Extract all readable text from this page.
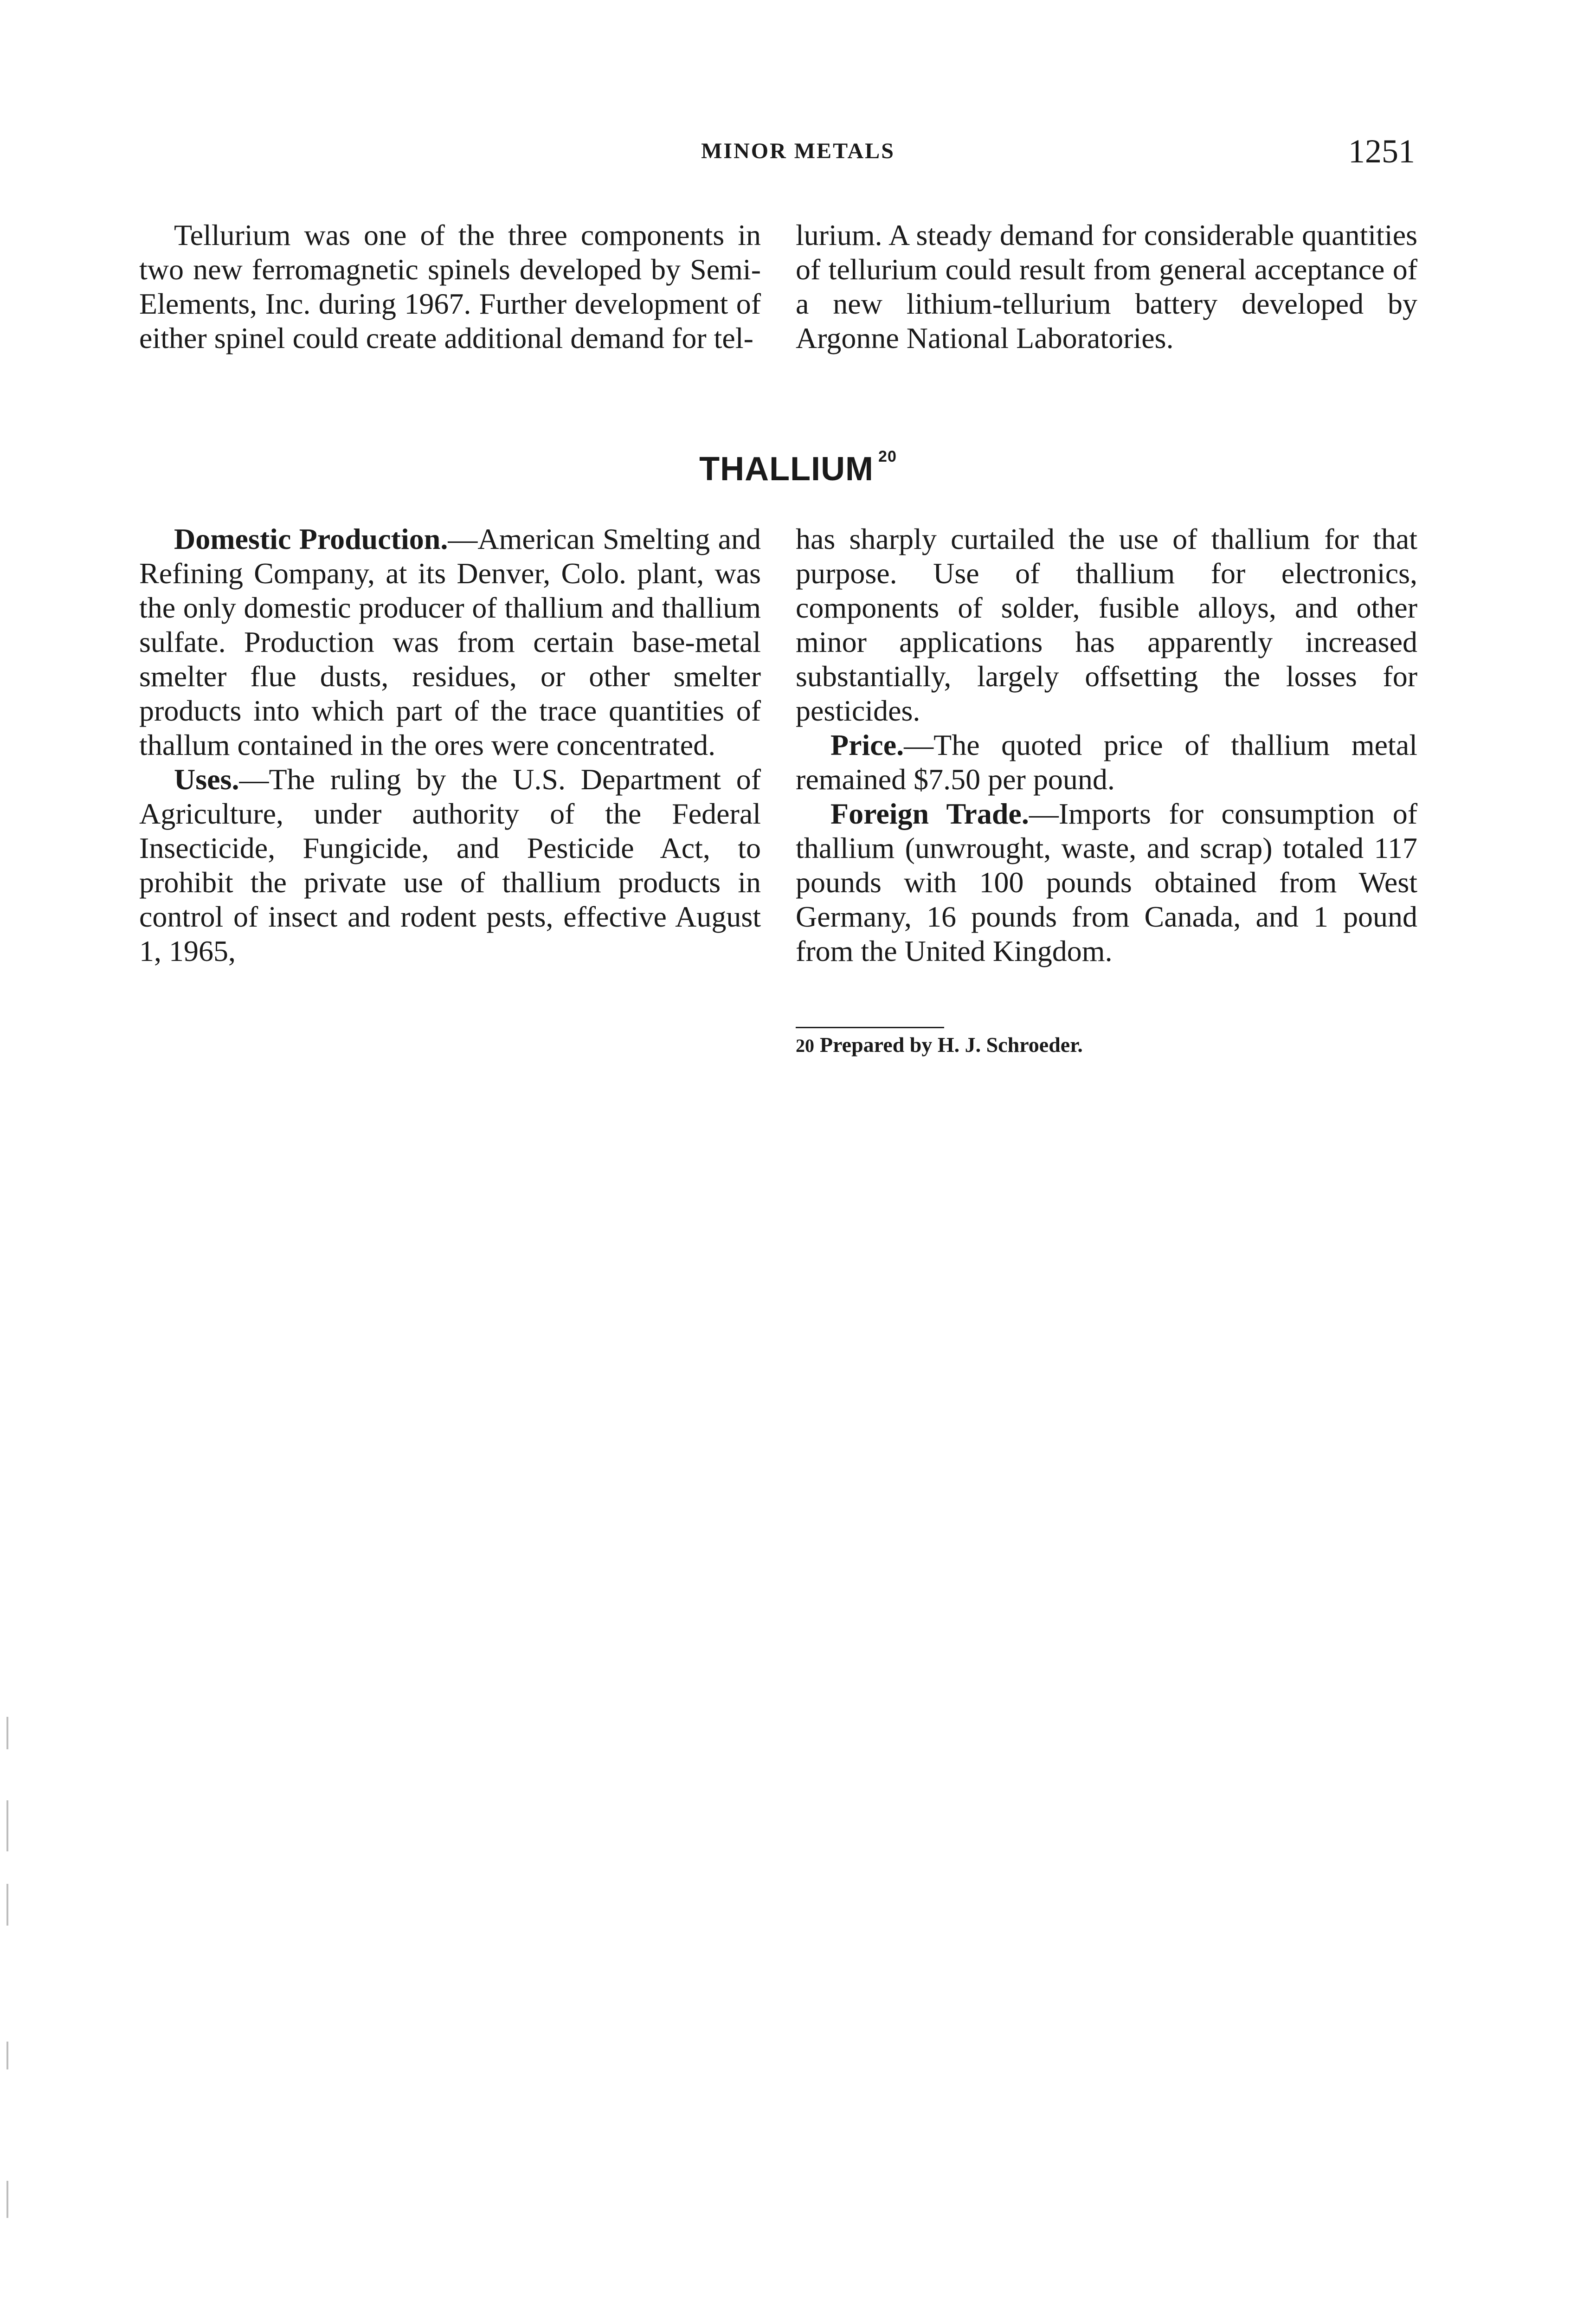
MINOR METALS	1251

Tellurium was one of the three components in two new ferromagnetic spinels developed by Semi-Elements, Inc. during 1967. Further development of either spinel could create additional demand for tel-

lurium. A steady demand for considerable quantities of tellurium could result from general acceptance of a new lithium-tellurium battery developed by Argonne National Laboratories.

THALLIUM $^{20}$

Domestic Production.—American Smelting and Refining Company, at its Denver, Colo. plant, was the only domestic producer of thallium and thallium sulfate. Production was from certain base-metal smelter flue dusts, residues, or other smelter products into which part of the trace quantities of thallum contained in the ores were concentrated.

Uses.—The ruling by the U.S. Department of Agriculture, under authority of the Federal Insecticide, Fungicide, and Pesticide Act, to prohibit the private use of thallium products in control of insect and rodent pests, effective August 1, 1965,

has sharply curtailed the use of thallium for that purpose. Use of thallium for electronics, components of solder, fusible alloys, and other minor applications has apparently increased substantially, largely offsetting the losses for pesticides.

Price.—The quoted price of thallium metal remained $7.50 per pound.

Foreign Trade.—Imports for consumption of thallium (unwrought, waste, and scrap) totaled 117 pounds with 100 pounds obtained from West Germany, 16 pounds from Canada, and 1 pound from the United Kingdom.

20 Prepared by H. J. Schroeder.
